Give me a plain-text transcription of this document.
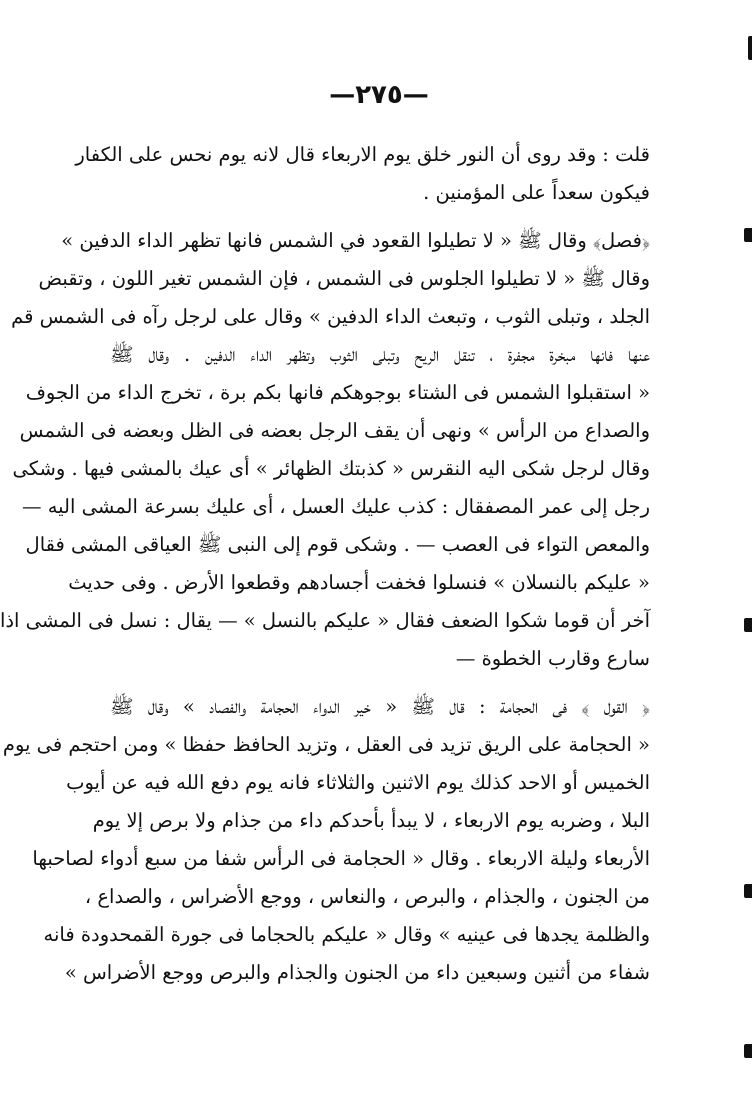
—٢٧٥—
قلت : وقد روى أن النور خلق يوم الاربعاء قال لانه يوم نحس على الكفار
فيكون سعداً على المؤمنين .
﴿فصل﴾ وقال ﷺ « لا تطيلوا القعود في الشمس فانها تظهر الداء الدفين »
وقال ﷺ « لا تطيلوا الجلوس فى الشمس ، فإن الشمس تغير اللون ، وتقبض
الجلد ، وتبلى الثوب ، وتبعث الداء الدفين » وقال على لرجل رآه فى الشمس قم
عنها فانها مبخرة مجفرة ، تنقل الريح وتبلى الثوب وتظهر الداء الدفين . وقال ﷺ
« استقبلوا الشمس فى الشتاء بوجوهكم فانها بكم برة ، تخرج الداء من الجوف
والصداع من الرأس » ونهى أن يقف الرجل بعضه فى الظل وبعضه فى الشمس
وقال لرجل شكى اليه النقرس « كذبتك الظهائر » أى عيك بالمشى فيها . وشكى
رجل إلى عمر المصفقال : كذب عليك العسل ، أى عليك بسرعة المشى اليه —
والمعص التواء فى العصب — . وشكى قوم إلى النبى ﷺ العياقى المشى فقال
« عليكم بالنسلان » فنسلوا فخفت أجسادهم وقطعوا الأرض . وفى حديث
آخر أن قوما شكوا الضعف فقال « عليكم بالنسل » — يقال : نسل فى المشى اذا
سارع وقارب الخطوة —
﴿ القول ﴾ فى الحجامة : قال ﷺ « خير الدواء الحجامة والفصاد » وقال ﷺ
« الحجامة على الريق تزيد فى العقل ، وتزيد الحافظ حفظا » ومن احتجم فى يوم
الخميس أو الاحد كذلك يوم الاثنين والثلاثاء فانه يوم دفع الله فيه عن أيوب
البلا ، وضربه يوم الاربعاء ، لا يبدأ بأحدكم داء من جذام ولا برص إلا يوم
الأربعاء وليلة الاربعاء . وقال « الحجامة فى الرأس شفا من سبع أدواء لصاحبها
من الجنون ، والجذام ، والبرص ، والنعاس ، ووجع الأضراس ، والصداع ،
والظلمة يجدها فى عينيه » وقال « عليكم بالحجاما فى جورة القمحدودة فانه
شفاء من أثنين وسبعين داء من الجنون والجذام والبرص ووجع الأضراس »
